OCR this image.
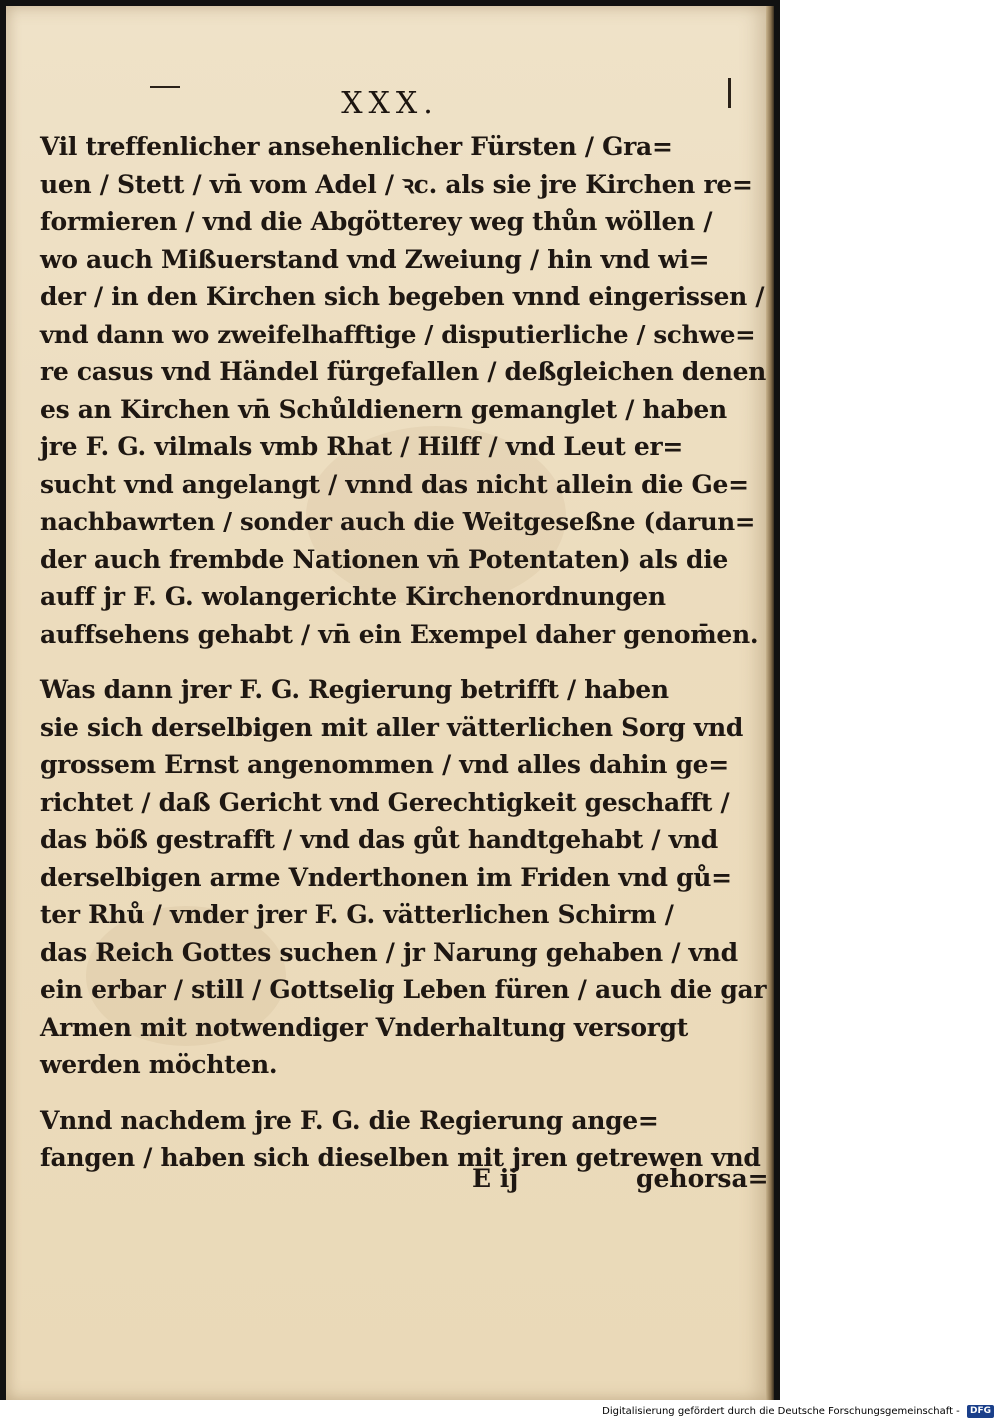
XXX.
Vil treffenlicher ansehenlicher Fürsten / Gra=
uen / Stett / vn̄ vom Adel / ꝛc. als sie jre Kirchen re=
formieren / vnd die Abgötterey weg thůn wöllen /
wo auch Mißuerstand vnd Zweiung / hin vnd wi=
der / in den Kirchen sich begeben vnnd eingerissen /
vnd dann wo zweifelhafftige / disputierliche / schwe=
re casus vnd Händel fürgefallen / deßgleichen denen
es an Kirchen vn̄ Schůldienern gemanglet / haben
jre F. G. vilmals vmb Rhat / Hilff / vnd Leut er=
sucht vnd angelangt / vnnd das nicht allein die Ge=
nachbawrten / sonder auch die Weitgeseßne (darun=
der auch frembde Nationen vn̄ Potentaten) als die
auff jr F. G. wolangerichte Kirchenordnungen
auffsehens gehabt / vn̄ ein Exempel daher genom̄en.
Was dann jrer F. G. Regierung betrifft / haben
sie sich derselbigen mit aller vätterlichen Sorg vnd
grossem Ernst angenommen / vnd alles dahin ge=
richtet / daß Gericht vnd Gerechtigkeit geschafft /
das böß gestrafft / vnd das gůt handtgehabt / vnd
derselbigen arme Vnderthonen im Friden vnd gů=
ter Rhů / vnder jrer F. G. vätterlichen Schirm /
das Reich Gottes suchen / jr Narung gehaben / vnd
ein erbar / still / Gottselig Leben füren / auch die gar
Armen mit notwendiger Vnderhaltung versorgt
werden möchten.
Vnnd nachdem jre F. G. die Regierung ange=
fangen / haben sich dieselben mit jren getrewen vnd
E ij	gehorsa=
Digitalisierung gefördert durch die Deutsche Forschungsgemeinschaft - DFG
